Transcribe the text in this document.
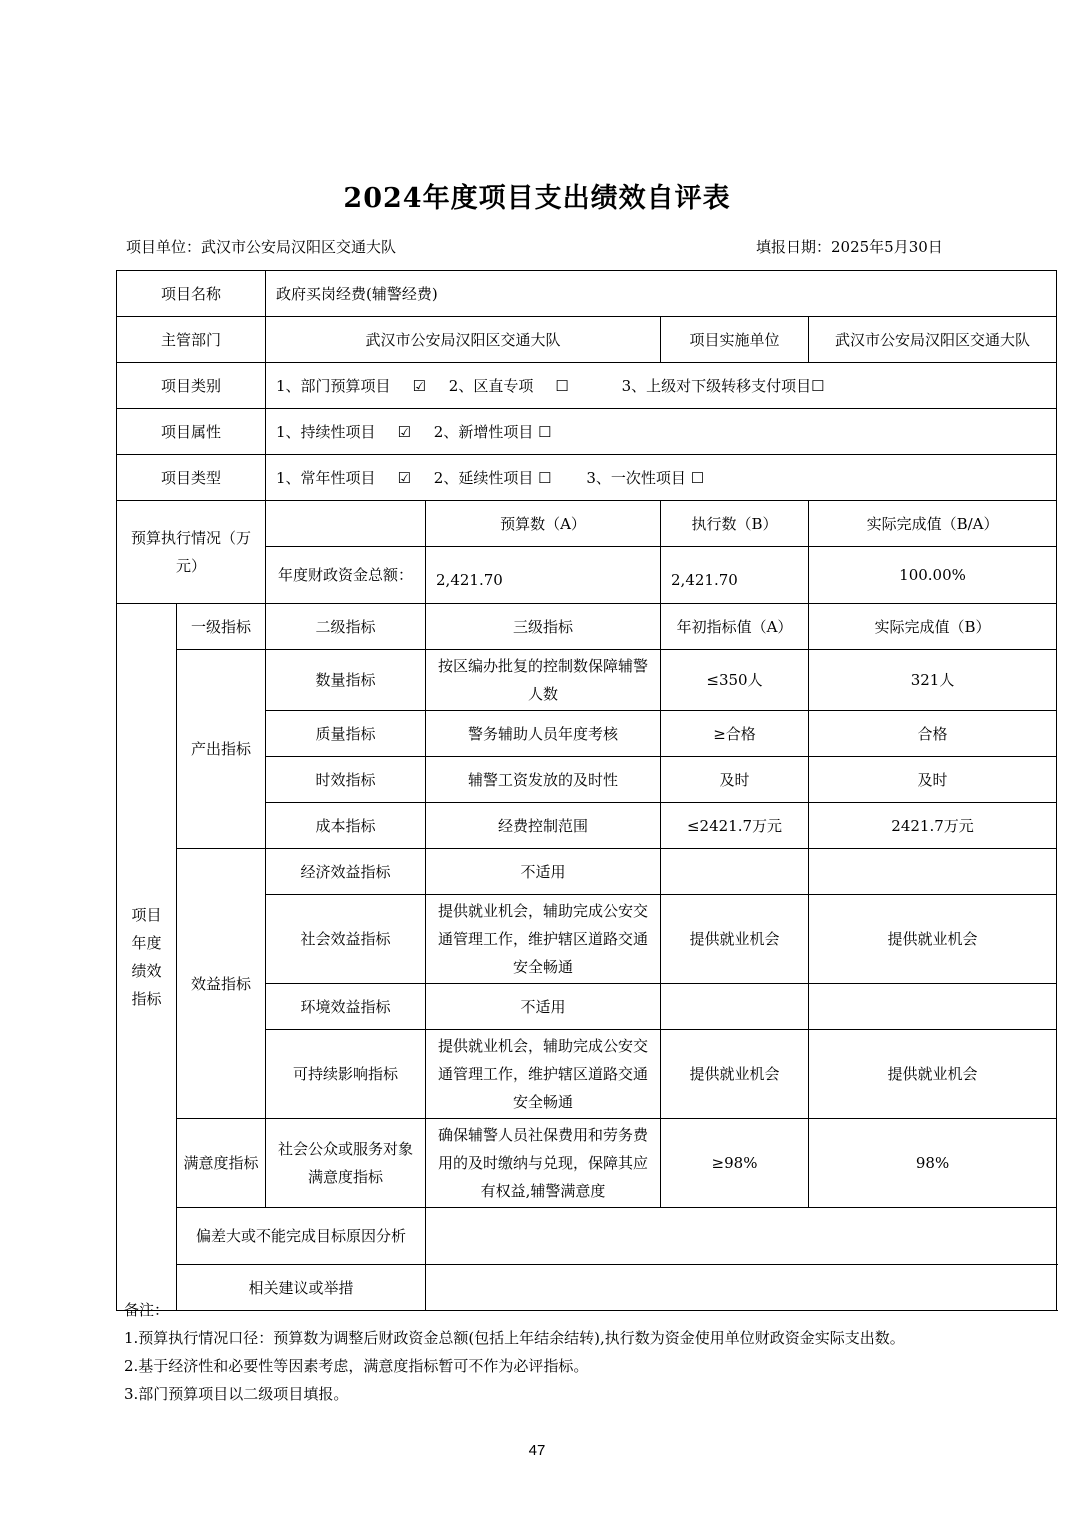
2024年度项目支出绩效自评表
项目单位：武汉市公安局汉阳区交通大队	填报日期：2025年5月30日
项目名称		政府买岗经费(辅警经费)			
主管部门		武汉市公安局汉阳区交通大队		项目实施单位	武汉市公安局汉阳区交通大队
项目类别		1、部门预算项目 ☑ 2、区直专项 ☐ 3、上级对下级转移支付项目☐			
项目属性		1、持续性项目 ☑ 2、新增性项目 ☐			
项目类型		1、常年性项目 ☑ 2、延续性项目 ☐ 3、一次性项目 ☐			
预算执行情况（万元）			预算数（A）	执行数（B）	实际完成值（B/A）
		年度财政资金总额：	2,421.70	2,421.70	100.00%
项目年度绩效指标	一级指标	二级指标	三级指标	年初指标值（A）	实际完成值（B）
	产出指标	数量指标	按区编办批复的控制数保障辅警人数	≤350人	321人
		质量指标	警务辅助人员年度考核	≥合格	合格
		时效指标	辅警工资发放的及时性	及时	及时
		成本指标	经费控制范围	≤2421.7万元	2421.7万元
	效益指标	经济效益指标	不适用		
		社会效益指标	提供就业机会，辅助完成公安交通管理工作，维护辖区道路交通安全畅通	提供就业机会	提供就业机会
		环境效益指标	不适用		
		可持续影响指标	提供就业机会，辅助完成公安交通管理工作，维护辖区道路交通安全畅通	提供就业机会	提供就业机会
	满意度指标	社会公众或服务对象满意度指标	确保辅警人员社保费用和劳务费用的及时缴纳与兑现，保障其应有权益,辅警满意度	≥98%	98%
	偏差大或不能完成目标原因分析				
	相关建议或举措				
备注：
1.预算执行情况口径：预算数为调整后财政资金总额(包括上年结余结转),执行数为资金使用单位财政资金实际支出数。
2.基于经济性和必要性等因素考虑，满意度指标暂可不作为必评指标。
3.部门预算项目以二级项目填报。
47
